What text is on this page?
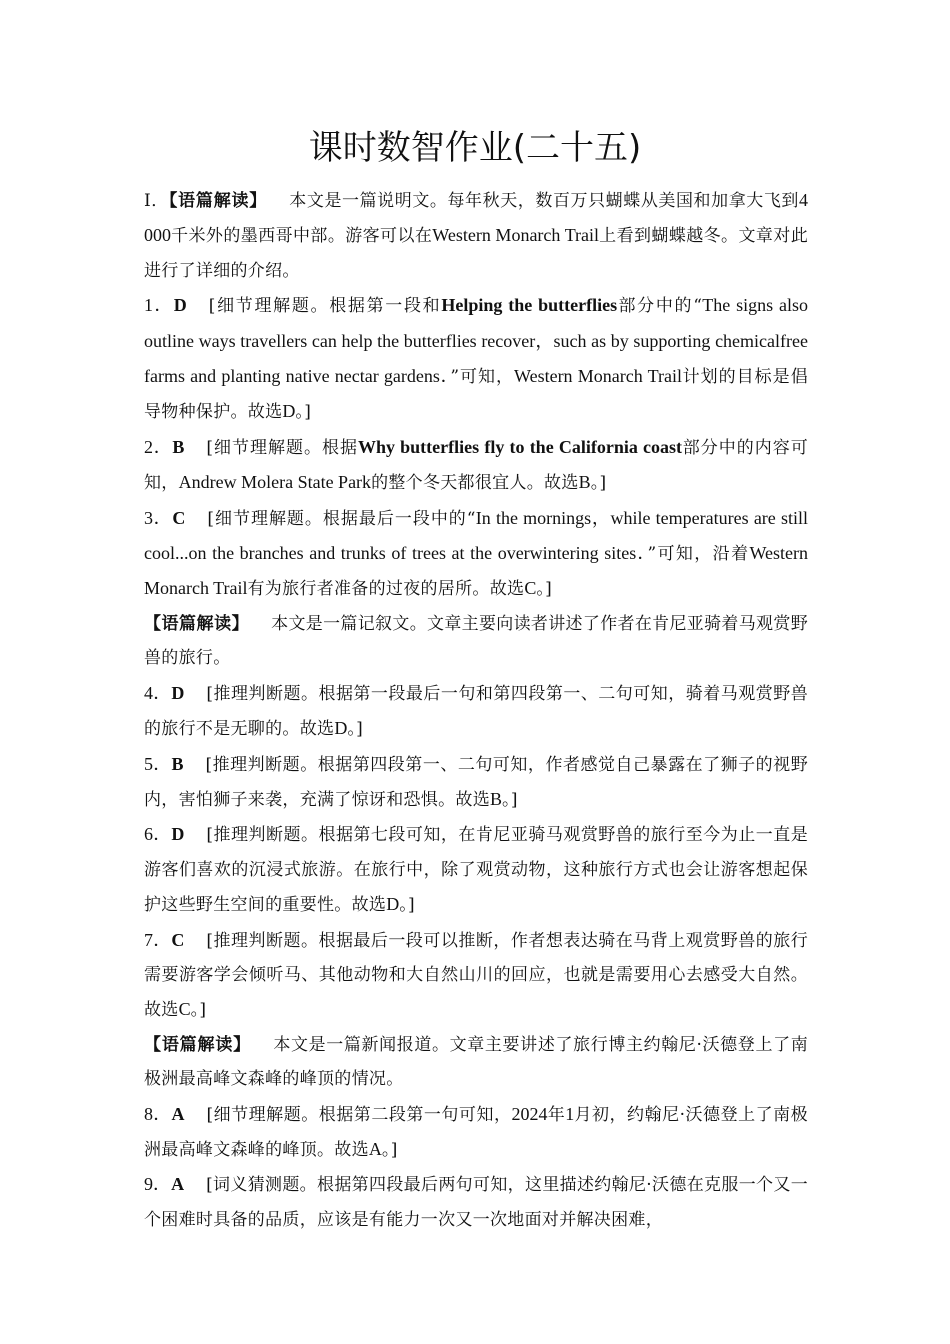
课时数智作业(二十五)

Ⅰ．【语篇解读】 本文是一篇说明文。每年秋天，数百万只蝴蝶从美国和加拿大飞到4 000千米外的墨西哥中部。游客可以在Western Monarch Trail上看到蝴蝶越冬。文章对此进行了详细的介绍。

1．D [细节理解题。根据第一段和Helping the butterflies部分中的“The signs also outline ways travellers can help the butterflies recover，such as by supporting chemicalfree farms and planting native nectar gardens．”可知，Western Monarch Trail计划的目标是倡导物种保护。故选D。]

2．B [细节理解题。根据Why butterflies fly to the California coast部分中的内容可知，Andrew Molera State Park的整个冬天都很宜人。故选B。]

3．C [细节理解题。根据最后一段中的“In the mornings，while temperatures are still cool...on the branches and trunks of trees at the overwintering sites．”可知，沿着Western Monarch Trail有为旅行者准备的过夜的居所。故选C。]

【语篇解读】 本文是一篇记叙文。文章主要向读者讲述了作者在肯尼亚骑着马观赏野兽的旅行。

4．D [推理判断题。根据第一段最后一句和第四段第一、二句可知，骑着马观赏野兽的旅行不是无聊的。故选D。]

5．B [推理判断题。根据第四段第一、二句可知，作者感觉自己暴露在了狮子的视野内，害怕狮子来袭，充满了惊讶和恐惧。故选B。]

6．D [推理判断题。根据第七段可知，在肯尼亚骑马观赏野兽的旅行至今为止一直是游客们喜欢的沉浸式旅游。在旅行中，除了观赏动物，这种旅行方式也会让游客想起保护这些野生空间的重要性。故选D。]

7．C [推理判断题。根据最后一段可以推断，作者想表达骑在马背上观赏野兽的旅行需要游客学会倾听马、其他动物和大自然山川的回应，也就是需要用心去感受大自然。故选C。]

【语篇解读】 本文是一篇新闻报道。文章主要讲述了旅行博主约翰尼·沃德登上了南极洲最高峰文森峰的峰顶的情况。

8．A [细节理解题。根据第二段第一句可知，2024年1月初，约翰尼·沃德登上了南极洲最高峰文森峰的峰顶。故选A。]

9．A [词义猜测题。根据第四段最后两句可知，这里描述约翰尼·沃德在克服一个又一个困难时具备的品质，应该是有能力一次又一次地面对并解决困难，
